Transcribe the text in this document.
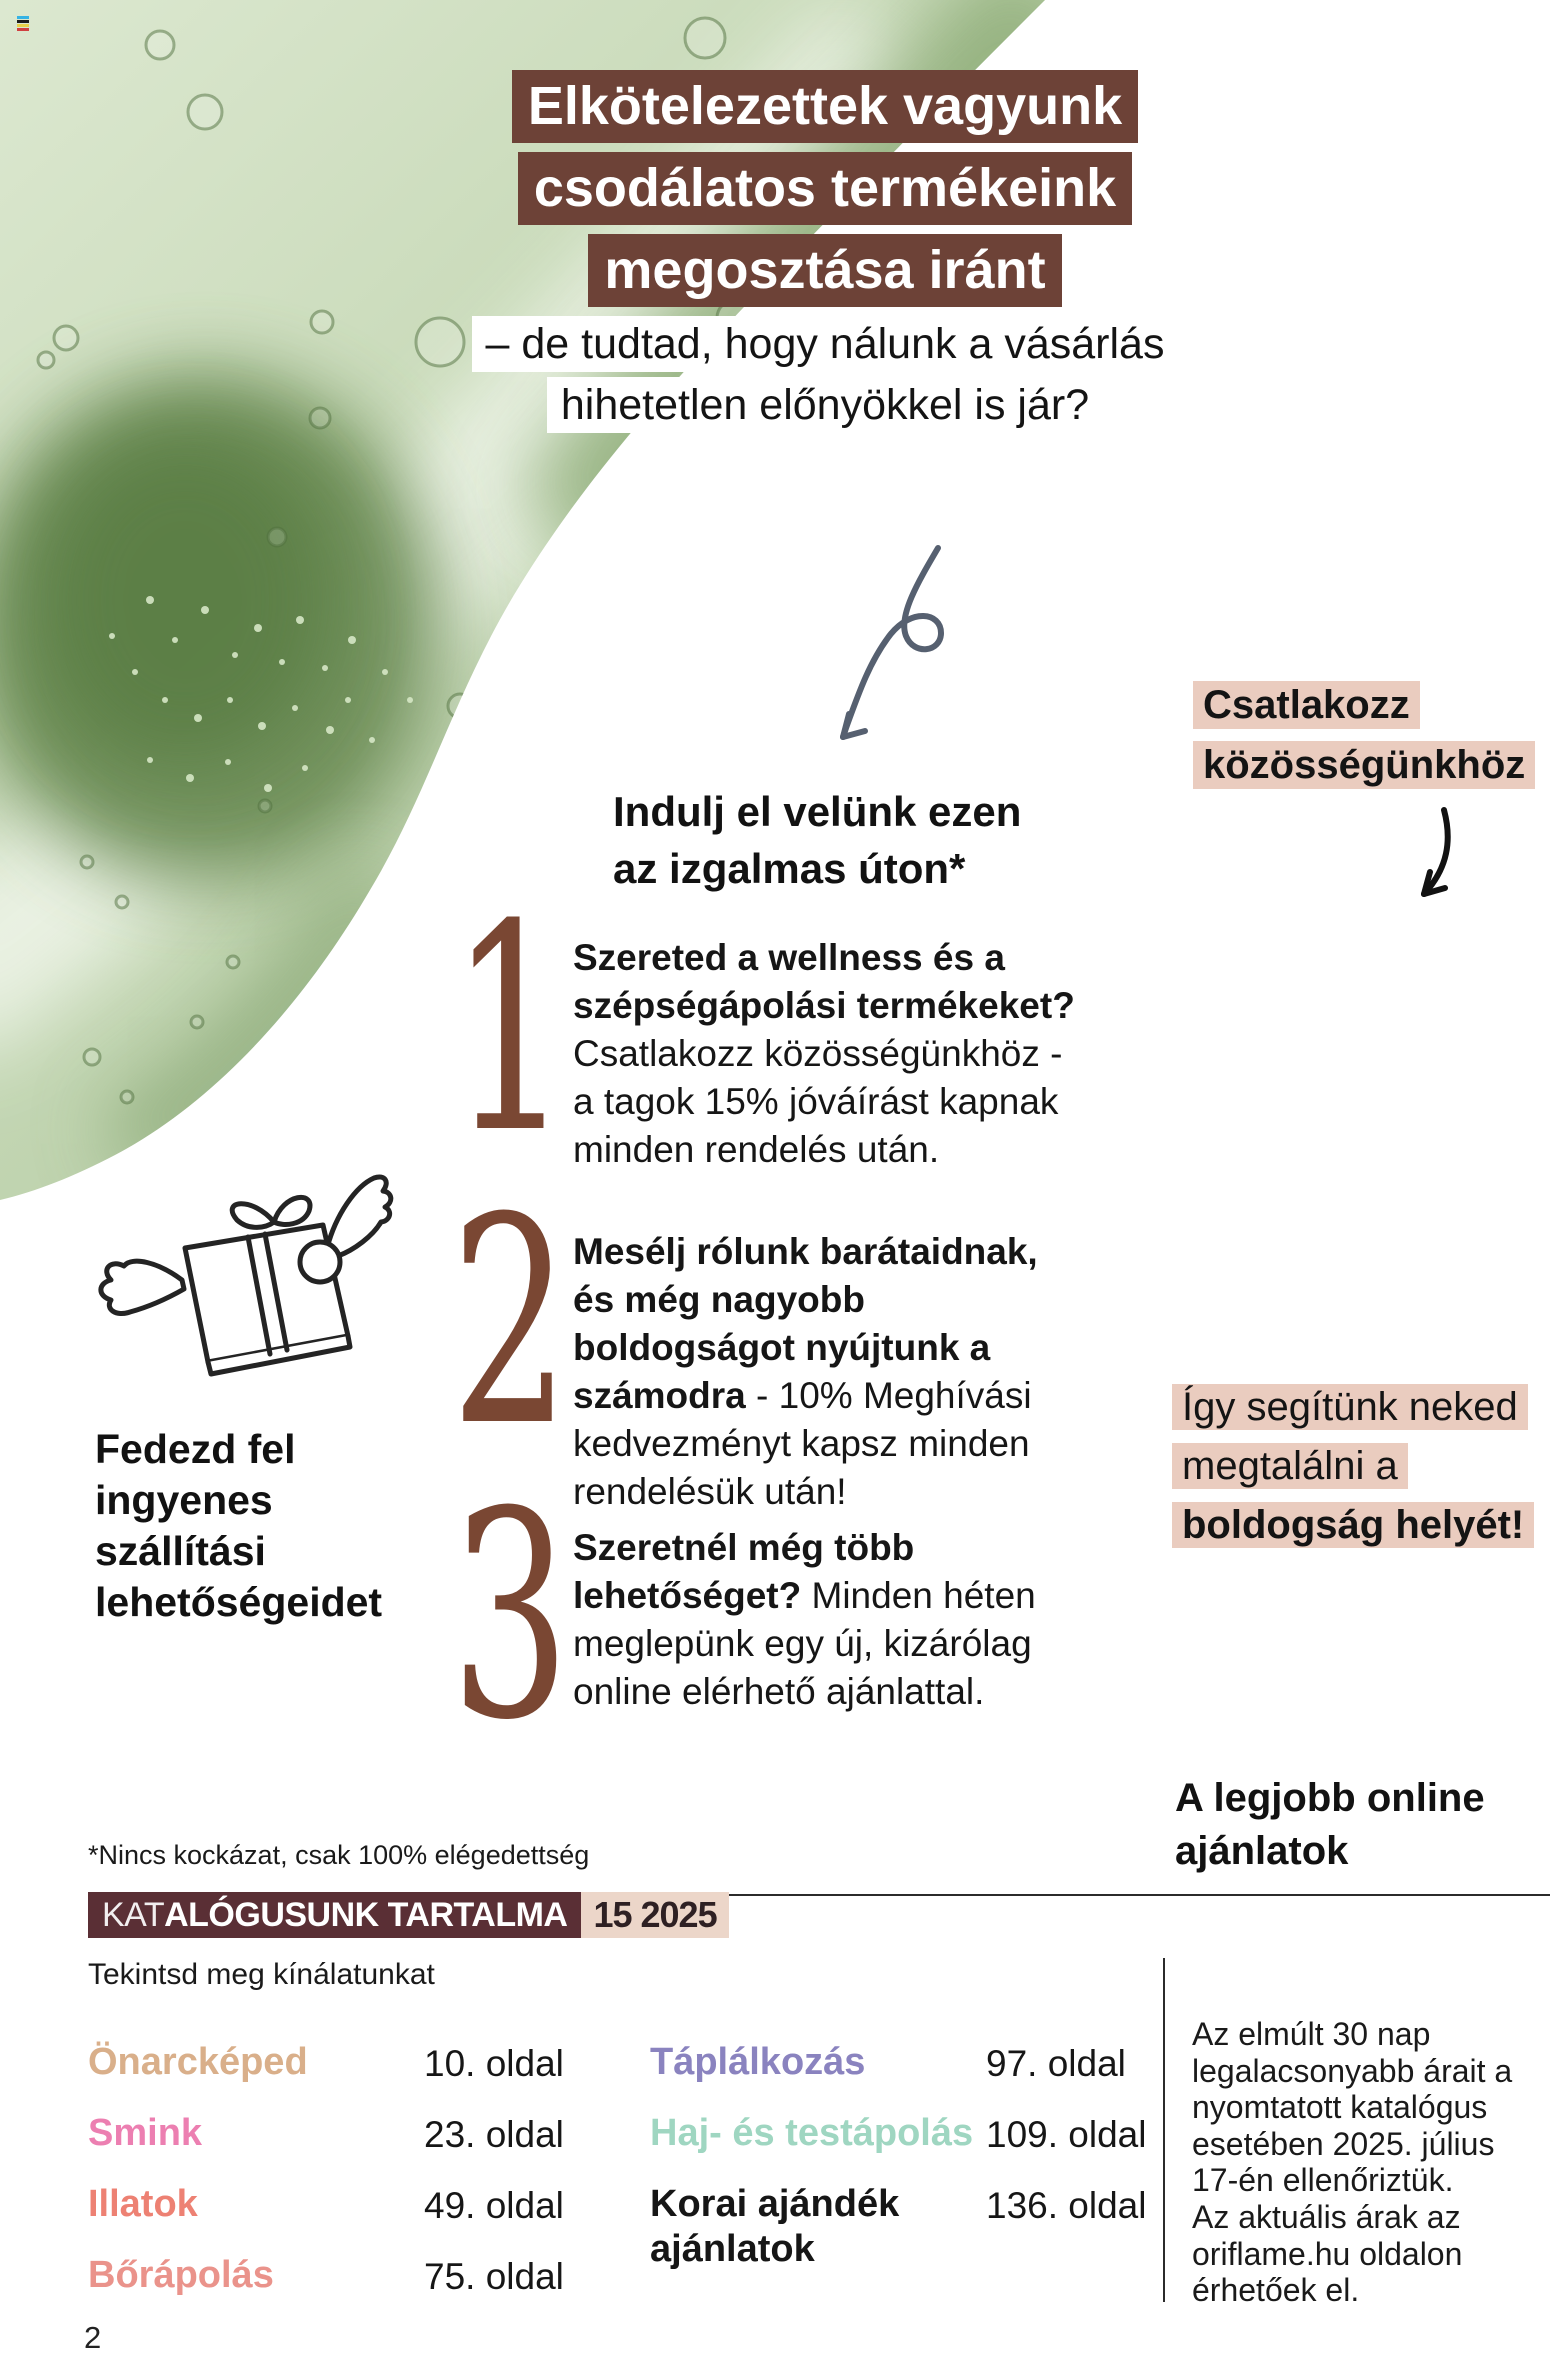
Elkötelezettek vagyunk
csodálatos termékeink
megosztása iránt
– de tudtad, hogy nálunk a vásárlás
hihetetlen előnyökkel is jár?
Indulj el velünk ezen
az izgalmas úton*
Csatlakozz
közösségünkhöz
1
2
3
Szereted a wellness és a
szépségápolási termékeket?
Csatlakozz közösségünkhöz -
a tagok 15% jóváírást kapnak
minden rendelés után.
Mesélj rólunk barátaidnak,
és még nagyobb
boldogságot nyújtunk a
számodra - 10% Meghívási
kedvezményt kapsz minden
rendelésük után!
Szeretnél még több
lehetőséget? Minden héten
meglepünk egy új, kizárólag
online elérhető ajánlattal.
Fedezd fel
ingyenes
szállítási
lehetőségeidet
Így segítünk neked
megtalálni a
boldogság helyét!
A legjobb online
ajánlatok
*Nincs kockázat, csak 100% elégedettség
KATALÓGUSUNK TARTALMA 15 2025
Tekintsd meg kínálatunkat
Önarcképed	10. oldal
Smink	23. oldal
Illatok	49. oldal
Bőrápolás	75. oldal
Táplálkozás	97. oldal
Haj- és testápolás 109. oldal
Korai ajándék
ajánlatok
136. oldal
Az elmúlt 30 nap
legalacsonyabb árait a
nyomtatott katalógus
esetében 2025. július
17-én ellenőriztük.
Az aktuális árak az
oriflame.hu oldalon
érhetőek el.
2
